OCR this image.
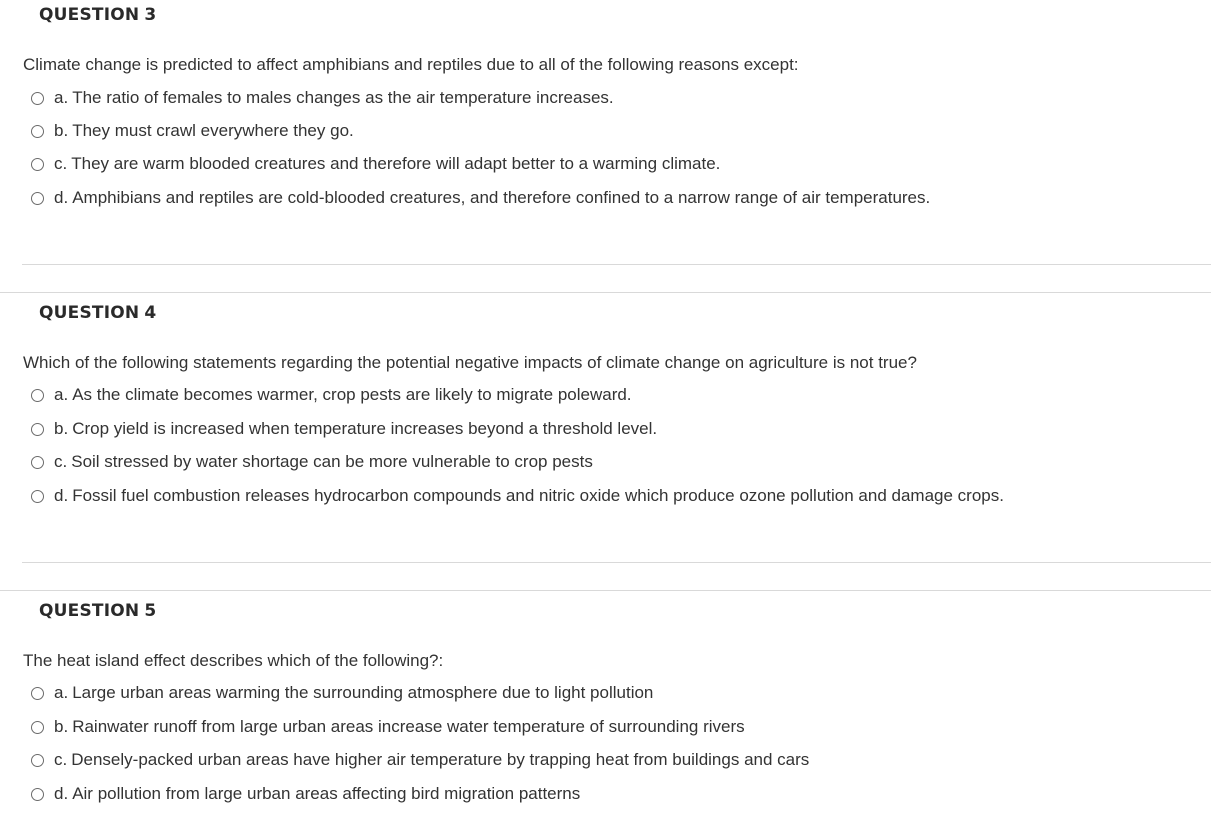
QUESTION 3
Climate change is predicted to affect amphibians and reptiles due to all of the following reasons except:
a. The ratio of females to males changes as the air temperature increases.
b. They must crawl everywhere they go.
c. They are warm blooded creatures and therefore will adapt better to a warming climate.
d. Amphibians and reptiles are cold-blooded creatures, and therefore confined to a narrow range of air temperatures.
QUESTION 4
Which of the following statements regarding the potential negative impacts of climate change on agriculture is not true?
a. As the climate becomes warmer, crop pests are likely to migrate poleward.
b. Crop yield is increased when temperature increases beyond a threshold level.
c. Soil stressed by water shortage can be more vulnerable to crop pests
d. Fossil fuel combustion releases hydrocarbon compounds and nitric oxide which produce ozone pollution and damage crops.
QUESTION 5
The heat island effect describes which of the following?:
a. Large urban areas warming the surrounding atmosphere due to light pollution
b. Rainwater runoff from large urban areas increase water temperature of surrounding rivers
c. Densely-packed urban areas have higher air temperature by trapping heat from buildings and cars
d. Air pollution from large urban areas affecting bird migration patterns
